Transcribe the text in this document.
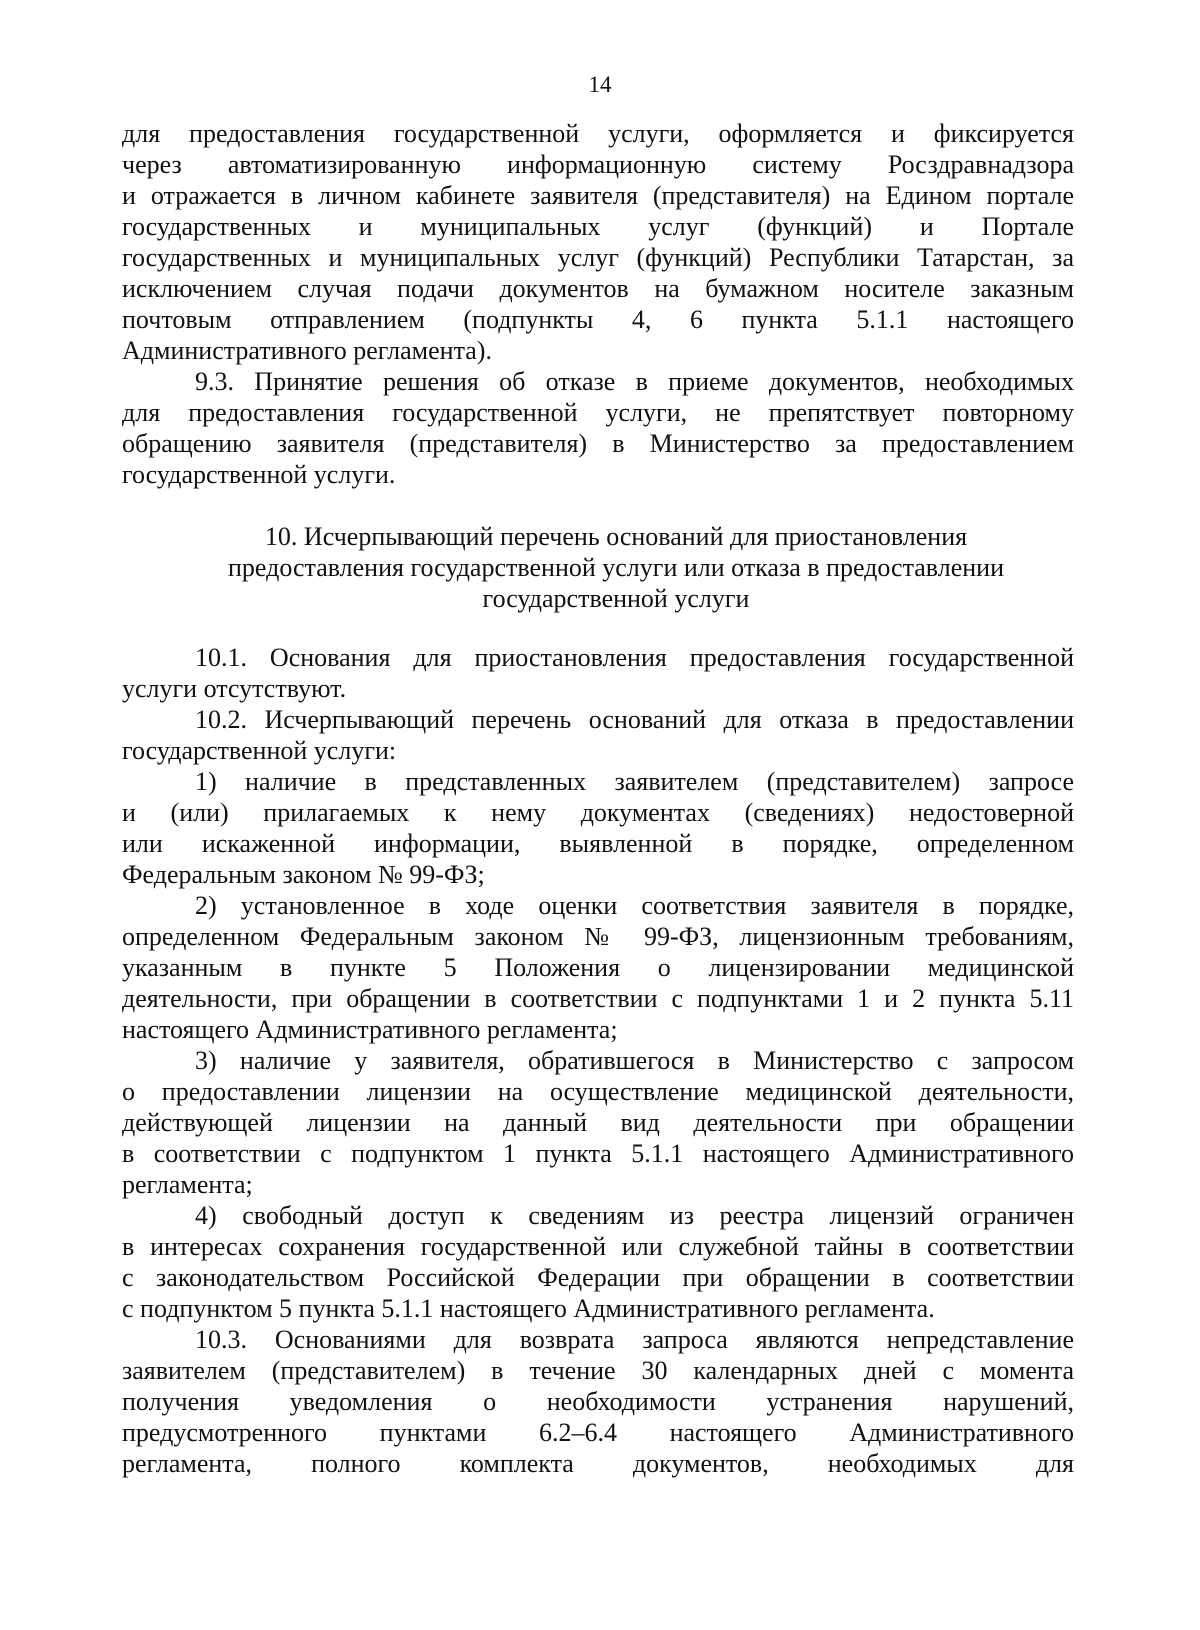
14
для предоставления государственной услуги, оформляется и фиксируется
через автоматизированную информационную систему Росздравнадзора
и отражается в личном кабинете заявителя (представителя) на Едином портале
государственных и муниципальных услуг (функций) и Портале
государственных и муниципальных услуг (функций) Республики Татарстан, за
исключением случая подачи документов на бумажном носителе заказным
почтовым отправлением (подпункты 4, 6 пункта 5.1.1 настоящего
Административного регламента).
9.3. Принятие решения об отказе в приеме документов, необходимых
для предоставления государственной услуги, не препятствует повторному
обращению заявителя (представителя) в Министерство за предоставлением
государственной услуги.
10. Исчерпывающий перечень оснований для приостановления
предоставления государственной услуги или отказа в предоставлении
государственной услуги
10.1. Основания для приостановления предоставления государственной
услуги отсутствуют.
10.2. Исчерпывающий перечень оснований для отказа в предоставлении
государственной услуги:
1) наличие в представленных заявителем (представителем) запросе
и (или) прилагаемых к нему документах (сведениях) недостоверной
или искаженной информации, выявленной в порядке, определенном
Федеральным законом № 99-ФЗ;
2) установленное в ходе оценки соответствия заявителя в порядке,
определенном Федеральным законом № 99-ФЗ, лицензионным требованиям,
указанным в пункте 5 Положения о лицензировании медицинской
деятельности, при обращении в соответствии с подпунктами 1 и 2 пункта 5.11
настоящего Административного регламента;
3) наличие у заявителя, обратившегося в Министерство с запросом
о предоставлении лицензии на осуществление медицинской деятельности,
действующей лицензии на данный вид деятельности при обращении
в соответствии с подпунктом 1 пункта 5.1.1 настоящего Административного
регламента;
4) свободный доступ к сведениям из реестра лицензий ограничен
в интересах сохранения государственной или служебной тайны в соответствии
с законодательством Российской Федерации при обращении в соответствии
с подпунктом 5 пункта 5.1.1 настоящего Административного регламента.
10.3. Основаниями для возврата запроса являются непредставление
заявителем (представителем) в течение 30 календарных дней с момента
получения уведомления о необходимости устранения нарушений,
предусмотренного пунктами 6.2–6.4 настоящего Административного
регламента, полного комплекта документов, необходимых для
